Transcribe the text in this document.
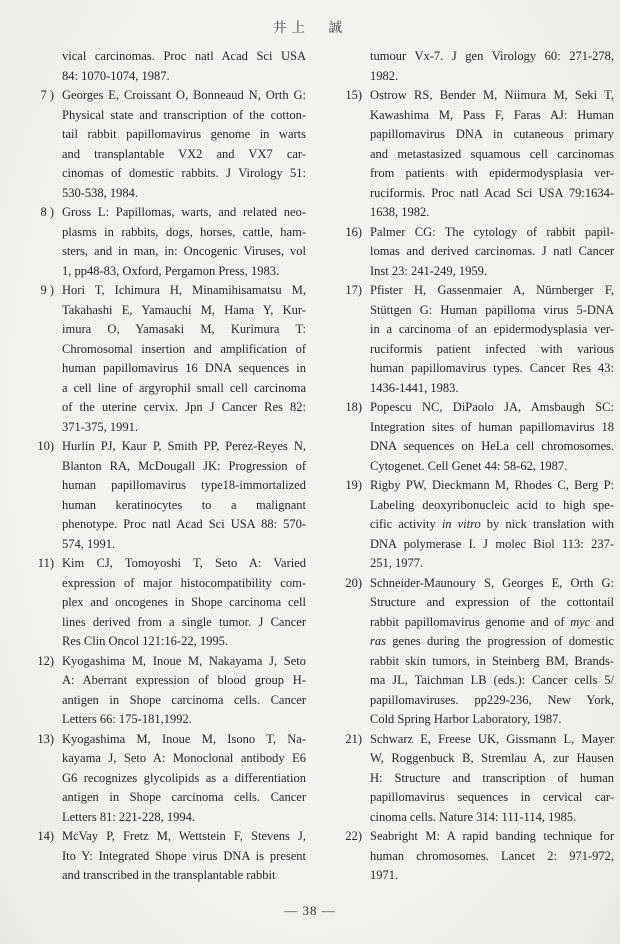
井上　誠
vical carcinomas. Proc natl Acad Sci USA
84: 1070-1074, 1987.
7 ) Georges E, Croissant O, Bonneaud N, Orth G:
Physical state and transcription of the cotton-
tail rabbit papillomavirus genome in warts
and transplantable VX2 and VX7 car-
cinomas of domestic rabbits. J Virology 51:
530-538, 1984.
8 ) Gross L: Papillomas, warts, and related neo-
plasms in rabbits, dogs, horses, cattle, ham-
sters, and in man, in: Oncogenic Viruses, vol
1, pp48-83, Oxford, Pergamon Press, 1983.
9 ) Hori T, Ichimura H, Minamihisamatsu M,
Takahashi E, Yamauchi M, Hama Y, Kur-
imura O, Yamasaki M, Kurimura T:
Chromosomal insertion and amplification of
human papillomavirus 16 DNA sequences in
a cell line of argyrophil small cell carcinoma
of the uterine cervix. Jpn J Cancer Res 82:
371-375, 1991.
10) Hurlin PJ, Kaur P, Smith PP, Perez-Reyes N,
Blanton RA, McDougall JK: Progression of
human papillomavirus type18-immortalized
human keratinocytes to a malignant
phenotype. Proc natl Acad Sci USA 88: 570-
574, 1991.
11) Kim CJ, Tomoyoshi T, Seto A: Varied
expression of major histocompatibility com-
plex and oncogenes in Shope carcinoma cell
lines derived from a single tumor. J Cancer
Res Clin Oncol 121:16-22, 1995.
12) Kyogashima M, Inoue M, Nakayama J, Seto
A: Aberrant expression of blood group H-
antigen in Shope carcinoma cells. Cancer
Letters 66: 175-181,1992.
13) Kyogashima M, Inoue M, Isono T, Na-
kayama J, Seto A: Monoclonal antibody E6
G6 recognizes glycolipids as a differentiation
antigen in Shope carcinoma cells. Cancer
Letters 81: 221-228, 1994.
14) McVay P, Fretz M, Wettstein F, Stevens J,
Ito Y: Integrated Shope virus DNA is present
and transcribed in the transplantable rabbit
tumour Vx-7. J gen Virology 60: 271-278,
1982.
15) Ostrow RS, Bender M, Niimura M, Seki T,
Kawashima M, Pass F, Faras AJ: Human
papillomavirus DNA in cutaneous primary
and metastasized squamous cell carcinomas
from patients with epidermodysplasia ver-
ruciformis. Proc natl Acad Sci USA 79:1634-
1638, 1982.
16) Palmer CG: The cytology of rabbit papil-
lomas and derived carcinomas. J natl Cancer
Inst 23: 241-249, 1959.
17) Pfister H, Gassenmaier A, Nürnberger F,
Stüttgen G: Human papilloma virus 5-DNA
in a carcinoma of an epidermodysplasia ver-
ruciformis patient infected with various
human papillomavirus types. Cancer Res 43:
1436-1441, 1983.
18) Popescu NC, DiPaolo JA, Amsbaugh SC:
Integration sites of human papillomavirus 18
DNA sequences on HeLa cell chromosomes.
Cytogenet. Cell Genet 44: 58-62, 1987.
19) Rigby PW, Dieckmann M, Rhodes C, Berg P:
Labeling deoxyribonucleic acid to high spe-
cific activity in vitro by nick translation with
DNA polymerase I. J molec Biol 113: 237-
251, 1977.
20) Schneider-Maunoury S, Georges E, Orth G:
Structure and expression of the cottontail
rabbit papillomavirus genome and of myc and
ras genes during the progression of domestic
rabbit skin tumors, in Steinberg BM, Brands-
ma JL, Taichman LB (eds.): Cancer cells 5/
papillomaviruses. pp229-236, New York,
Cold Spring Harbor Laboratory, 1987.
21) Schwarz E, Freese UK, Gissmann L, Mayer
W, Roggenbuck B, Stremlau A, zur Hausen
H: Structure and transcription of human
papillomavirus sequences in cervical car-
cinoma cells. Nature 314: 111-114, 1985.
22) Seabright M: A rapid banding technique for
human chromosomes. Lancet 2: 971-972,
1971.
— 38 —
